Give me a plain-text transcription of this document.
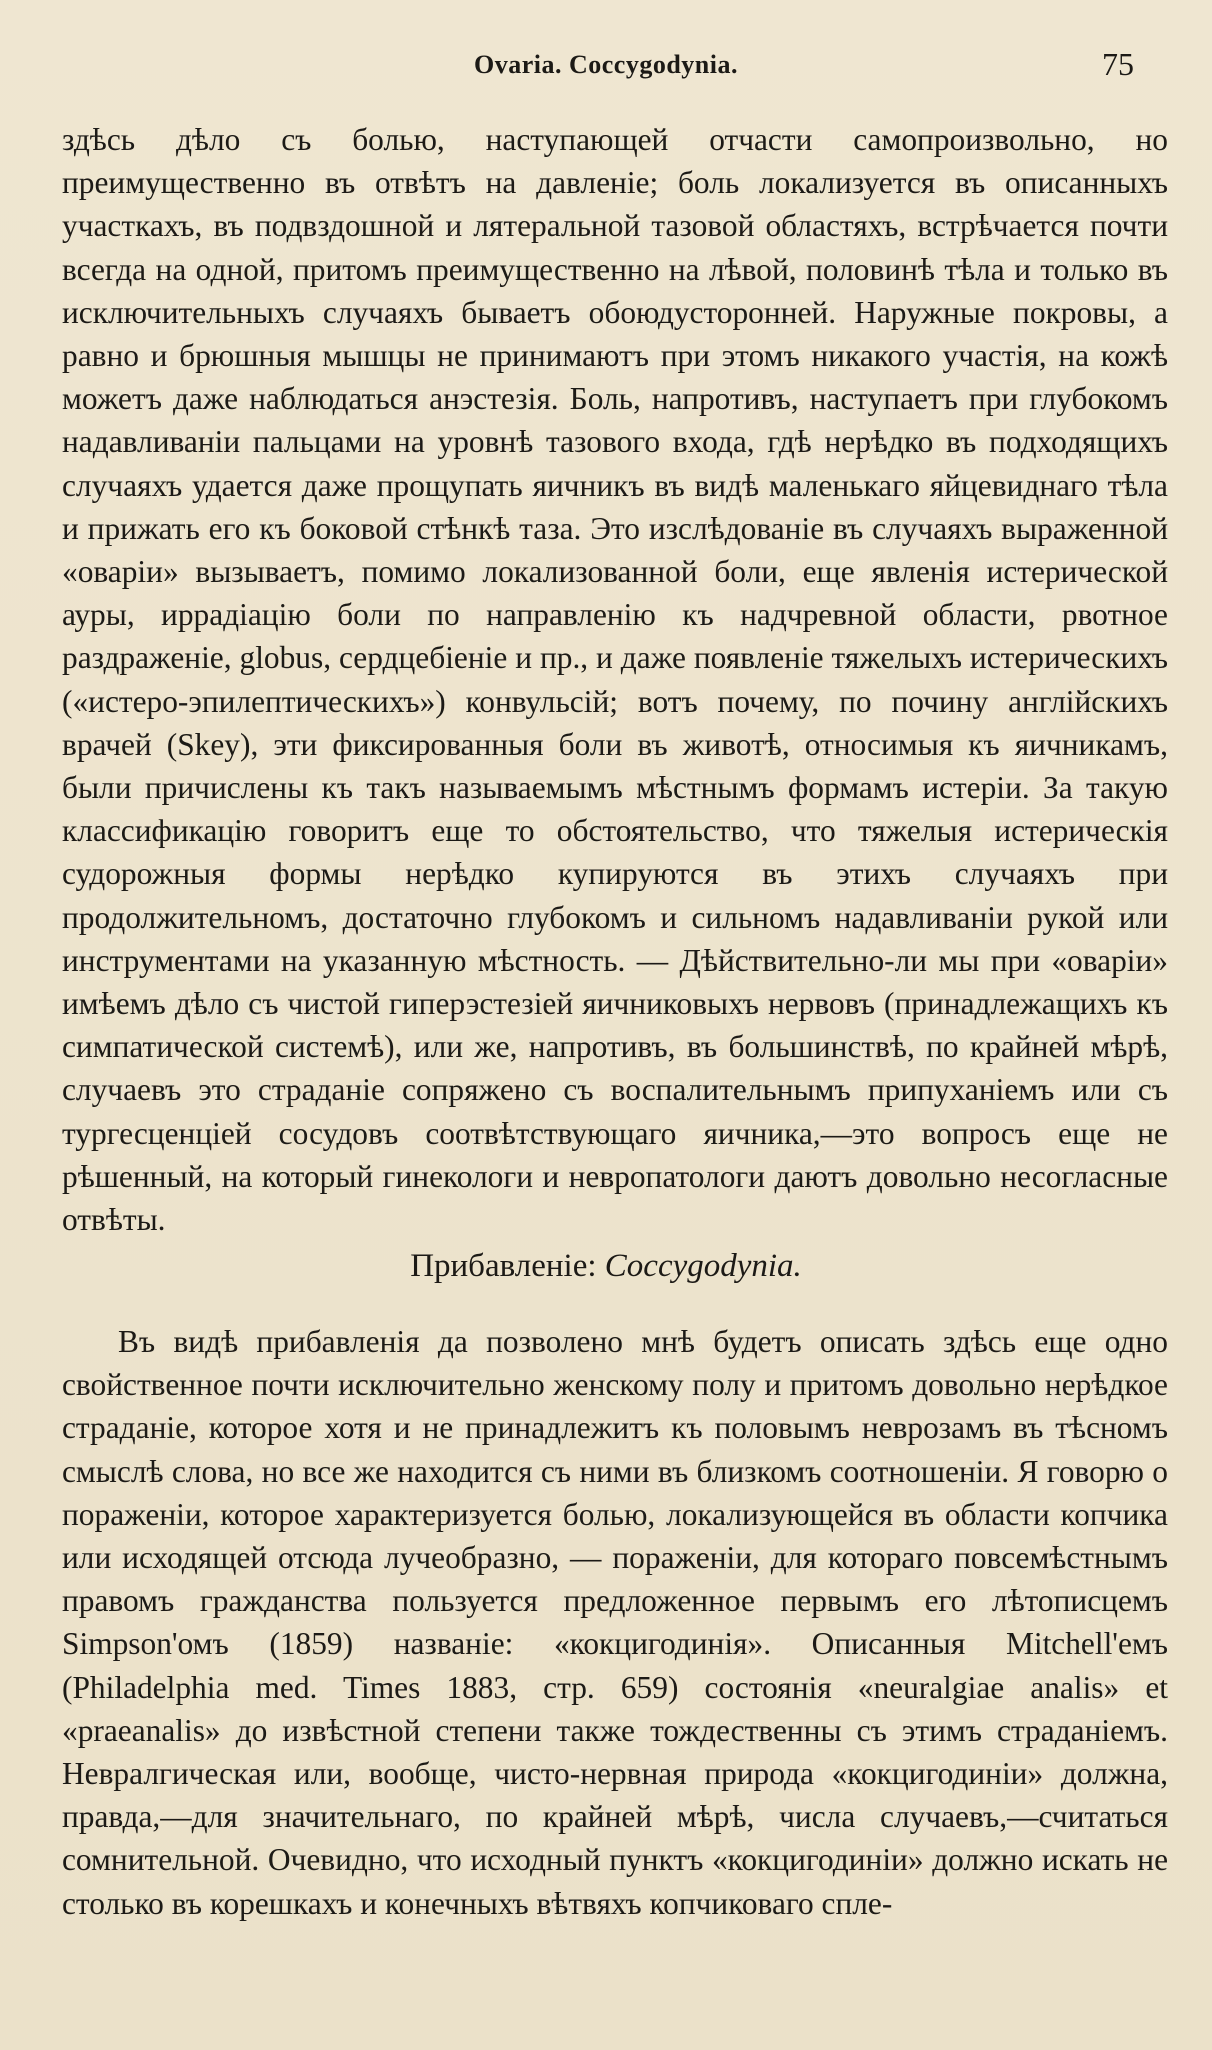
Ovaria. Coccygodynia.	75

здѣсь дѣло съ болью, наступающей отчасти самопроизвольно, но преимущественно въ отвѣтъ на давленіе; боль локализуется въ описанныхъ участкахъ, въ подвздошной и лятеральной тазовой областяхъ, встрѣчается почти всегда на одной, притомъ преимущественно на лѣвой, половинѣ тѣла и только въ исключительныхъ случаяхъ бываетъ обоюдусторонней. Наружные покровы, а равно и брюшныя мышцы не принимаютъ при этомъ никакого участія, на кожѣ можетъ даже наблюдаться анэстезія. Боль, напротивъ, наступаетъ при глубокомъ надавливаніи пальцами на уровнѣ тазового входа, гдѣ нерѣдко въ подходящихъ случаяхъ удается даже прощупать яичникъ въ видѣ маленькаго яйцевиднаго тѣла и прижать его къ боковой стѣнкѣ таза. Это изслѣдованіе въ случаяхъ выраженной «оваріи» вызываетъ, помимо локализованной боли, еще явленія истерической ауры, иррадіацію боли по направленію къ надчревной области, рвотное раздраженіе, globus, сердцебіеніе и пр., и даже появленіе тяжелыхъ истерическихъ («истеро-эпилептическихъ») конвульсій; вотъ почему, по почину англійскихъ врачей (Skey), эти фиксированныя боли въ животѣ, относимыя къ яичникамъ, были причислены къ такъ называемымъ мѣстнымъ формамъ истеріи. За такую классификацію говоритъ еще то обстоятельство, что тяжелыя истерическія судорожныя формы нерѣдко купируются въ этихъ случаяхъ при продолжительномъ, достаточно глубокомъ и сильномъ надавливаніи рукой или инструментами на указанную мѣстность. — Дѣйствительно-ли мы при «оваріи» имѣемъ дѣло съ чистой гиперэстезіей яичниковыхъ нервовъ (принадлежащихъ къ симпатической системѣ), или же, напротивъ, въ большинствѣ, по крайней мѣрѣ, случаевъ это страданіе сопряжено съ воспалительнымъ припуханіемъ или съ тургесценціей сосудовъ соотвѣтствующаго яичника,—это вопросъ еще не рѣшенный, на который гинекологи и невропатологи даютъ довольно несогласные отвѣты.

Прибавленіе: Coccygodynia.

Въ видѣ прибавленія да позволено мнѣ будетъ описать здѣсь еще одно свойственное почти исключительно женскому полу и притомъ довольно нерѣдкое страданіе, которое хотя и не принадлежитъ къ половымъ неврозамъ въ тѣсномъ смыслѣ слова, но все же находится съ ними въ близкомъ соотношеніи. Я говорю о пораженіи, которое характеризуется болью, локализующейся въ области копчика или исходящей отсюда лучеобразно, — пораженіи, для котораго повсемѣстнымъ правомъ гражданства пользуется предложенное первымъ его лѣтописцемъ Simpson'омъ (1859) названіе: «кокцигодинія». Описанныя Mitchell'емъ (Philadelphia med. Times 1883, стр. 659) состоянія «neuralgiae analis» et «praeanalis» до извѣстной степени также тождественны съ этимъ страданіемъ. Невралгическая или, вообще, чисто-нервная природа «кокцигодиніи» должна, правда,—для значительнаго, по крайней мѣрѣ, числа случаевъ,—считаться сомнительной. Очевидно, что исходный пунктъ «кокцигодиніи» должно искать не столько въ корешкахъ и конечныхъ вѣтвяхъ копчиковаго спле-
